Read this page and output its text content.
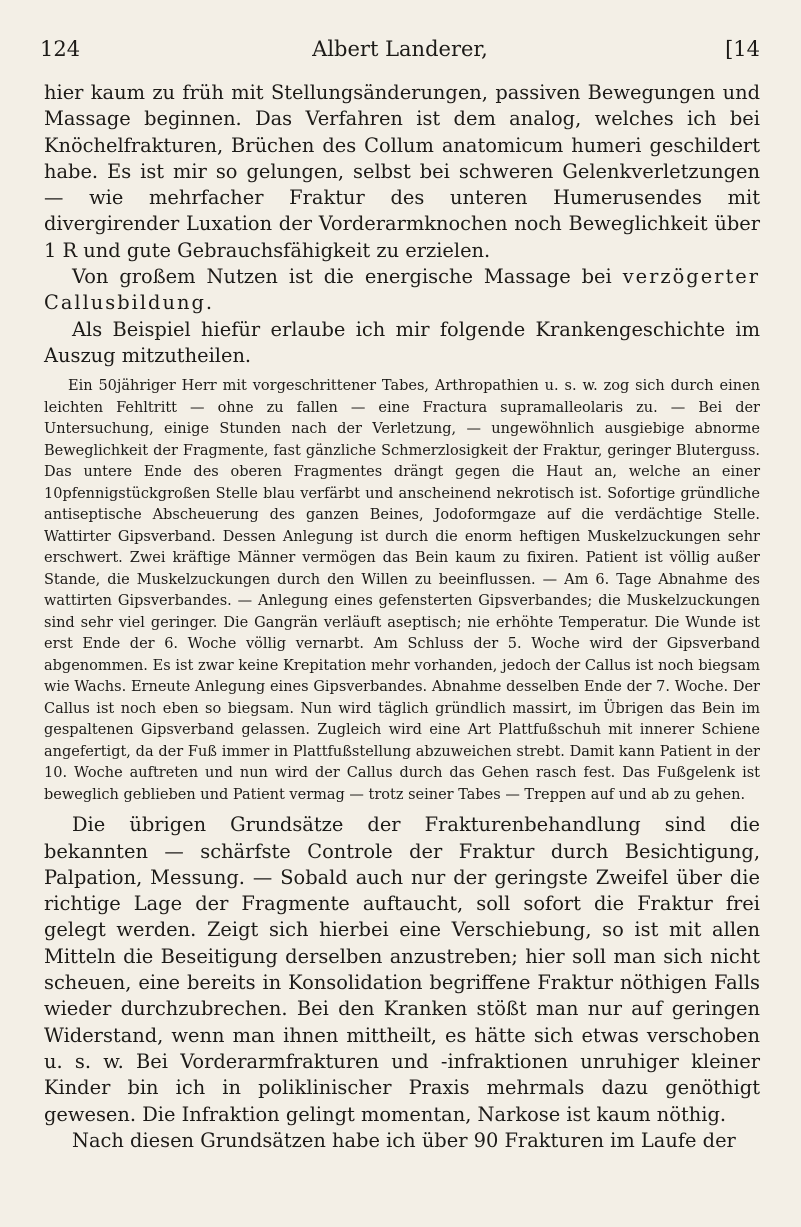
124	Albert Landerer,	[14

hier kaum zu früh mit Stellungsänderungen, passiven Bewegungen und Massage beginnen. Das Verfahren ist dem analog, welches ich bei Knöchelfrakturen, Brüchen des Collum anatomicum humeri geschildert habe. Es ist mir so gelungen, selbst bei schweren Gelenkverletzungen — wie mehrfacher Fraktur des unteren Humerusendes mit divergirender Luxation der Vorderarmknochen noch Beweglichkeit über 1 R und gute Gebrauchsfähigkeit zu erzielen.

Von großem Nutzen ist die energische Massage bei verzögerter Callusbildung.

Als Beispiel hiefür erlaube ich mir folgende Krankengeschichte im Auszug mitzutheilen.

Ein 50jähriger Herr mit vorgeschrittener Tabes, Arthropathien u. s. w. zog sich durch einen leichten Fehltritt — ohne zu fallen — eine Fractura supramalleolaris zu. — Bei der Untersuchung, einige Stunden nach der Verletzung, — ungewöhnlich ausgiebige abnorme Beweglichkeit der Fragmente, fast gänzliche Schmerzlosigkeit der Fraktur, geringer Bluterguss. Das untere Ende des oberen Fragmentes drängt gegen die Haut an, welche an einer 10pfennigstückgroßen Stelle blau verfärbt und anscheinend nekrotisch ist. Sofortige gründliche antiseptische Abscheuerung des ganzen Beines, Jodoformgaze auf die verdächtige Stelle. Wattirter Gipsverband. Dessen Anlegung ist durch die enorm heftigen Muskelzuckungen sehr erschwert. Zwei kräftige Männer vermögen das Bein kaum zu fixiren. Patient ist völlig außer Stande, die Muskelzuckungen durch den Willen zu beeinflussen. — Am 6. Tage Abnahme des wattirten Gipsverbandes. — Anlegung eines gefensterten Gipsverbandes; die Muskelzuckungen sind sehr viel geringer. Die Gangrän verläuft aseptisch; nie erhöhte Temperatur. Die Wunde ist erst Ende der 6. Woche völlig vernarbt. Am Schluss der 5. Woche wird der Gipsverband abgenommen. Es ist zwar keine Krepitation mehr vorhanden, jedoch der Callus ist noch biegsam wie Wachs. Erneute Anlegung eines Gipsverbandes. Abnahme desselben Ende der 7. Woche. Der Callus ist noch eben so biegsam. Nun wird täglich gründlich massirt, im Übrigen das Bein im gespaltenen Gipsverband gelassen. Zugleich wird eine Art Plattfußschuh mit innerer Schiene angefertigt, da der Fuß immer in Plattfußstellung abzuweichen strebt. Damit kann Patient in der 10. Woche auftreten und nun wird der Callus durch das Gehen rasch fest. Das Fußgelenk ist beweglich geblieben und Patient vermag — trotz seiner Tabes — Treppen auf und ab zu gehen.

Die übrigen Grundsätze der Frakturenbehandlung sind die bekannten — schärfste Controle der Fraktur durch Besichtigung, Palpation, Messung. — Sobald auch nur der geringste Zweifel über die richtige Lage der Fragmente auftaucht, soll sofort die Fraktur frei gelegt werden. Zeigt sich hierbei eine Verschiebung, so ist mit allen Mitteln die Beseitigung derselben anzustreben; hier soll man sich nicht scheuen, eine bereits in Konsolidation begriffene Fraktur nöthigen Falls wieder durchzubrechen. Bei den Kranken stößt man nur auf geringen Widerstand, wenn man ihnen mittheilt, es hätte sich etwas verschoben u. s. w. Bei Vorderarmfrakturen und -infraktionen unruhiger kleiner Kinder bin ich in poliklinischer Praxis mehrmals dazu genöthigt gewesen. Die Infraktion gelingt momentan, Narkose ist kaum nöthig.

Nach diesen Grundsätzen habe ich über 90 Frakturen im Laufe der
